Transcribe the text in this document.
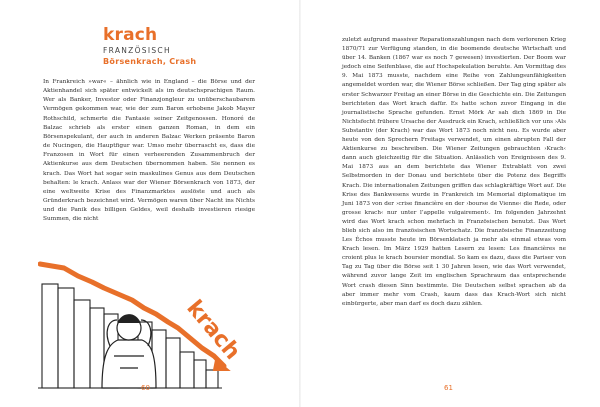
krach
FRANZÖSISCH
Börsenkrach, Crash

In Frankreich »war« – ähnlich wie in England – die Börse und der Aktienhandel sich später entwickelt als im deutschsprachigen Raum. Wer als Banker, Investor oder Finanzjongleur zu unüberschaubarem Vermögen gekommen war, wie der zum Baron erhobene Jakob Mayer Rothschild, schmerte die Fantasie seiner Zeitgenossen. Honoré de Balzac schrieb als erster einen ganzen Roman, in dem ein Börsenspekulant, der auch in anderen Balzac Werken präsente Baron de Nucingen, die Hauptfigur war. Umso mehr überrascht es, dass die Franzosen in Wort für einen verheerenden Zusammenbruch der Aktienkurse aus dem Deutschen übernommen haben. Sie nennen es krach. Das Wort hat sogar sein maskulines Genus aus dem Deutschen behalten: le krach. Anlass war der Wiener Börsenkrach von 1873, der eine weltweite Krise des Finanzmarktes auslöste und auch als Gründerkrach bezeichnet wird. Vermögen waren über Nacht ins Nichts und die Panik des billigen Geldes, weil deshalb investieren riesige Summen, die nicht

krach
60

zuletzt aufgrund massiver Reparationszahlungen nach dem verlorenen Krieg 1870/71 zur Verfügung standen, in die boomende deutsche Wirtschaft und über 14. Banken (1867 war es noch 7 gewesen) investierten. Der Boom war jedoch eine Seifenblase, die auf Hochspekulation beruhte. Am Vormittag des 9. Mai 1873 musste, nachdem eine Reihe von Zahlungsunfähigkeiten angemeldet worden war, die Wiener Börse schließen. Der Tag ging später als erster Schwarzer Freitag an einer Börse in die Geschichte ein. Die Zeitungen berichteten das Wort krach dafür. Es hatte schon zuvor Eingang in die journalistische Sprache gefunden. Ernst Mörk Ar sah dich 1869 in Die Nichtsfecht frühere Ursache der Ausdruck ein Krach, schließlich vor uns ›Als Substantiv (der Krach) war das Wort 1873 noch nicht neu. Es wurde aber heute von den Sprechern Freitags verwendet, um einen abrupten Fall der Aktienkurse zu beschreiben. Die Wiener Zeitungen gebrauchten ›Krach‹ dann auch gleichzeitig für die Situation. Anlässlich von Ereignissen des 9. Mai 1873 aus an dem berichtete das Wiener Extrablatt von zwei Selbstmorden in der Donau und berichtete über die Potenz des Begriffs Krach. Die internationalen Zeitungen griffen das schlagkräftige Wort auf. Die Krise des Bankwesens wurde in Frankreich im Memorial diplomatique im Juni 1873 von der ›crise financière en der ›bourse de Vienne‹ die Rede, oder grosse krach‹ nur unter l’appelle vulgairement‹. Im folgenden Jahrzehnt wird das Wort krach schon mehrfach in Französischen benutzt. Das Wort blieb sich also im französischen Wortschatz. Die französische Finanzzeitung Les Échos musste heute im Börsenklatsch ja mehr als einmal etwas vom Krach lesen. Im März 1929 hatten Lesern zu lesen: Les financières ne croient plus le krach boursier mondial. So kam es dazu, dass die Pariser von Tag zu Tag über die Börse seit 1 30 Jahren lesen, wie das Wort verwendet, während zuvor lange Zeit im englischen Sprachraum das entsprechende Wort crash diesen Sinn bestimmte. Die Deutschen selbst sprachen ab da aber immer mehr vom Crash, kaum dass das Krach-Wort sich nicht einbürgerte, aber man darf es doch dazu zählen.

61
